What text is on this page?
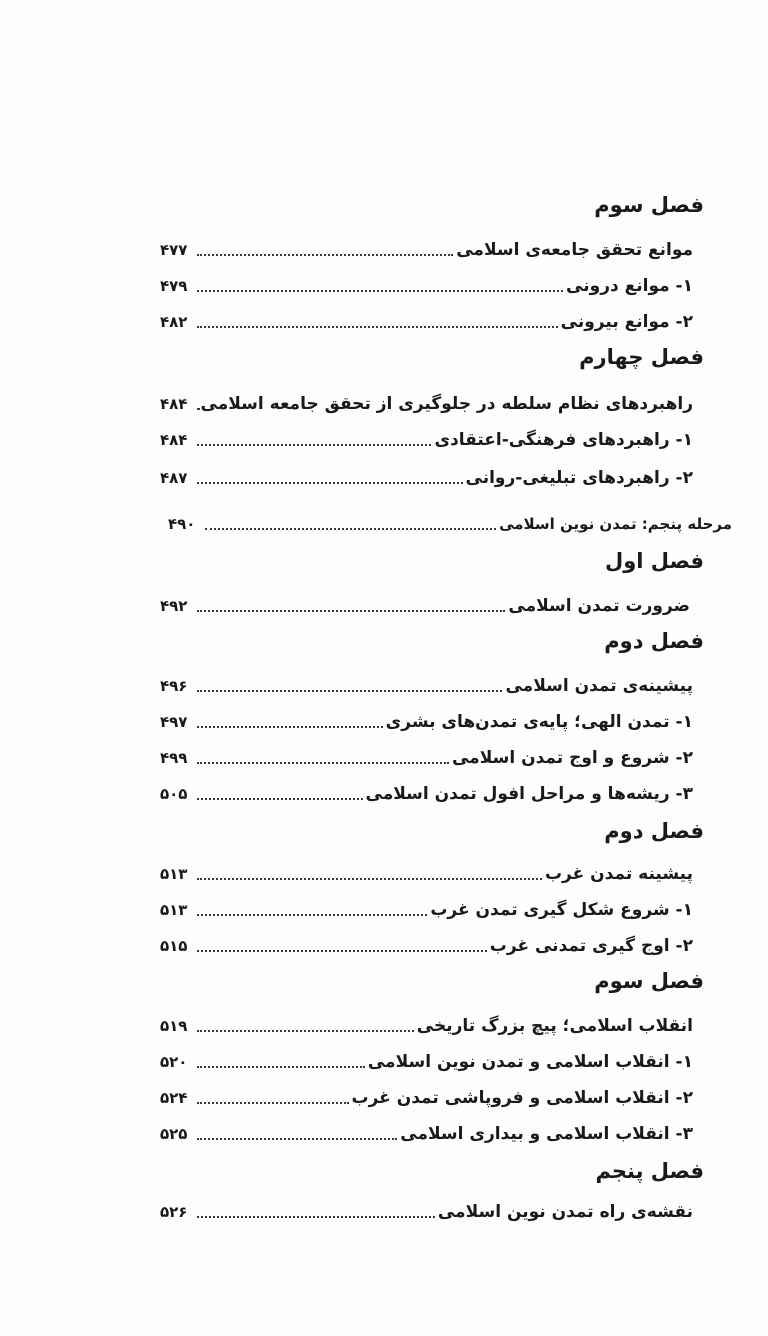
فصل سوم
موانع تحقق جامعه‌ی اسلامی
۴۷۷
۱- موانع درونی
۴۷۹
۲- موانع بیرونی
۴۸۲
فصل چهارم
راهبردهای نظام سلطه در جلوگیری از تحقق جامعه اسلامی
۴۸۴
۱- راهبردهای فرهنگی-اعتقادی
۴۸۴
۲- راهبردهای تبلیغی-روانی
۴۸۷
مرحله پنجم: تمدن نوین اسلامی
۴۹۰
فصل اول
ضرورت تمدن اسلامی
۴۹۲
فصل دوم
پیشینه‌ی تمدن اسلامی
۴۹۶
۱- تمدن الهی؛ پایه‌ی تمدن‌های بشری
۴۹۷
۲- شروع و اوج تمدن اسلامی
۴۹۹
۳- ریشه‌ها و مراحل افول تمدن اسلامی
۵۰۵
فصل دوم
پیشینه تمدن غرب
۵۱۳
۱- شروع شکل گیری تمدن غرب
۵۱۳
۲- اوج گیری تمدنی غرب
۵۱۵
فصل سوم
انقلاب اسلامی؛ پیچ بزرگ تاریخی
۵۱۹
۱- انقلاب اسلامی و تمدن نوین اسلامی
۵۲۰
۲- انقلاب اسلامی و فروپاشی تمدن غرب
۵۲۴
۳- انقلاب اسلامی و بیداری اسلامی
۵۲۵
فصل پنجم
نقشه‌ی راه تمدن نوین اسلامی
۵۲۶
